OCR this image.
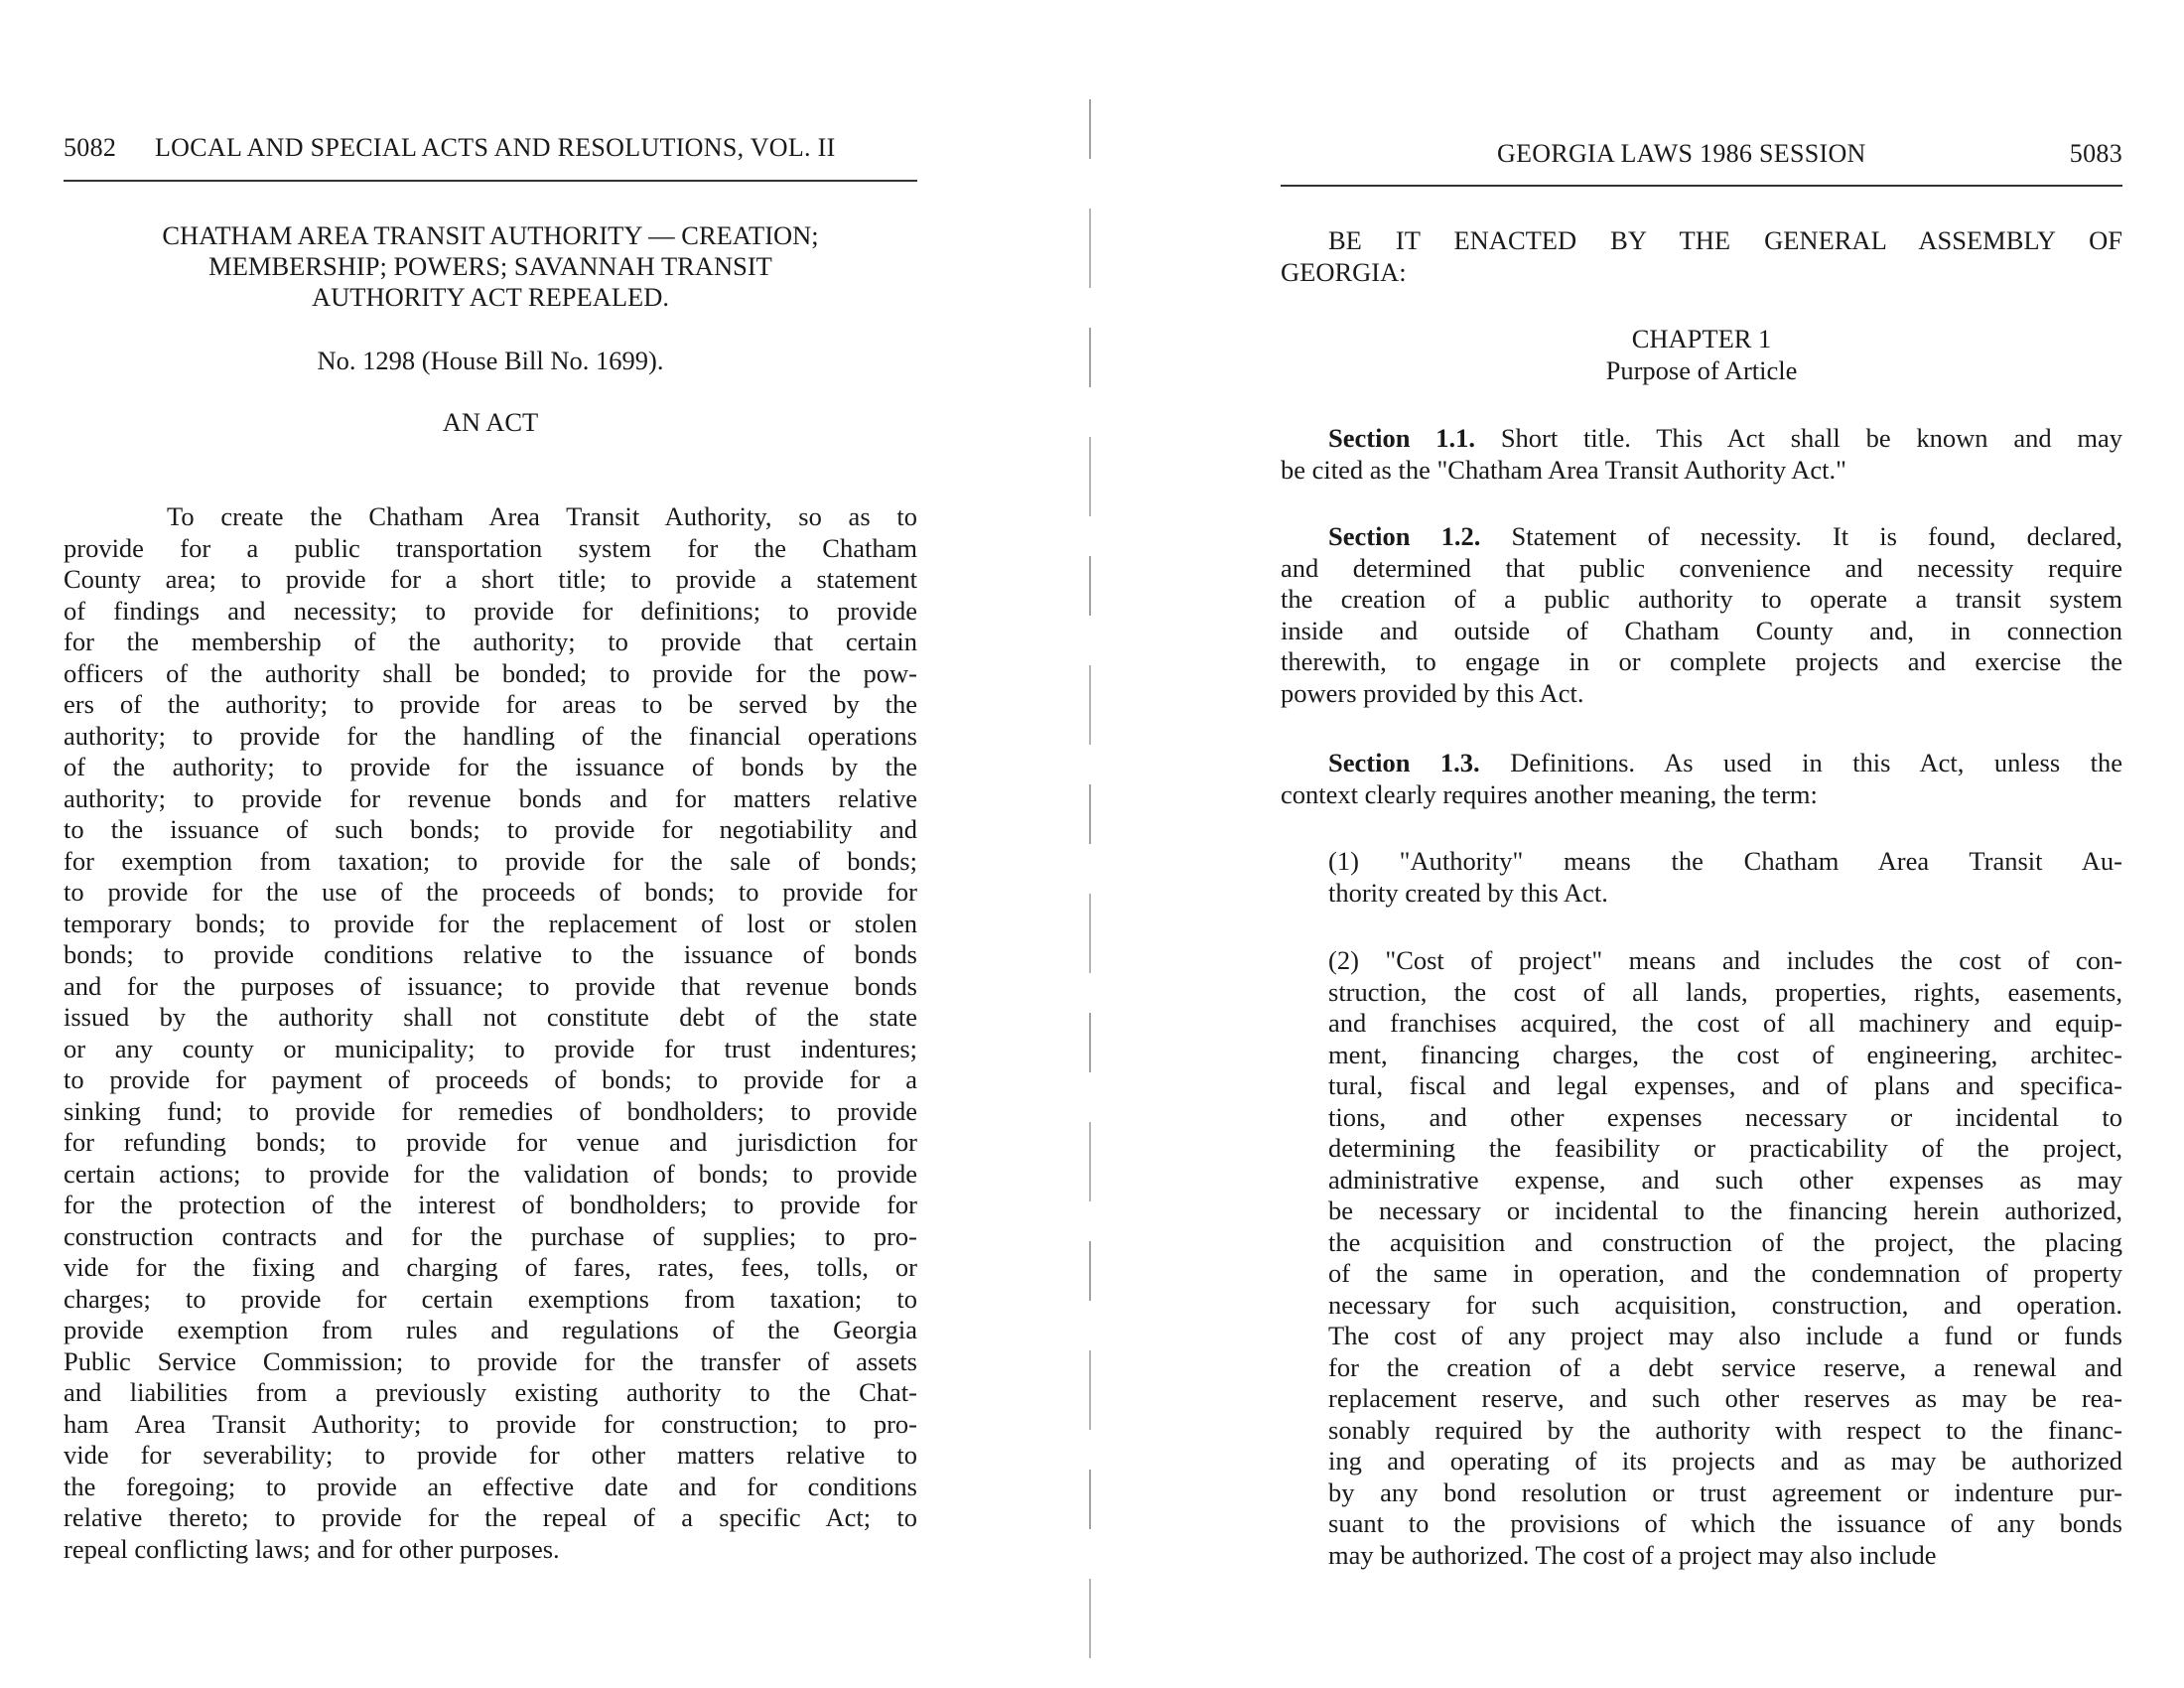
5082 LOCAL AND SPECIAL ACTS AND RESOLUTIONS, VOL. II
CHATHAM AREA TRANSIT AUTHORITY — CREATION;
MEMBERSHIP; POWERS; SAVANNAH TRANSIT
AUTHORITY ACT REPEALED.
No. 1298 (House Bill No. 1699).
AN ACT
To create the Chatham Area Transit Authority, so as to
provide for a public transportation system for the Chatham
County area; to provide for a short title; to provide a statement
of findings and necessity; to provide for definitions; to provide
for the membership of the authority; to provide that certain
officers of the authority shall be bonded; to provide for the pow-
ers of the authority; to provide for areas to be served by the
authority; to provide for the handling of the financial operations
of the authority; to provide for the issuance of bonds by the
authority; to provide for revenue bonds and for matters relative
to the issuance of such bonds; to provide for negotiability and
for exemption from taxation; to provide for the sale of bonds;
to provide for the use of the proceeds of bonds; to provide for
temporary bonds; to provide for the replacement of lost or stolen
bonds; to provide conditions relative to the issuance of bonds
and for the purposes of issuance; to provide that revenue bonds
issued by the authority shall not constitute debt of the state
or any county or municipality; to provide for trust indentures;
to provide for payment of proceeds of bonds; to provide for a
sinking fund; to provide for remedies of bondholders; to provide
for refunding bonds; to provide for venue and jurisdiction for
certain actions; to provide for the validation of bonds; to provide
for the protection of the interest of bondholders; to provide for
construction contracts and for the purchase of supplies; to pro-
vide for the fixing and charging of fares, rates, fees, tolls, or
charges; to provide for certain exemptions from taxation; to
provide exemption from rules and regulations of the Georgia
Public Service Commission; to provide for the transfer of assets
and liabilities from a previously existing authority to the Chat-
ham Area Transit Authority; to provide for construction; to pro-
vide for severability; to provide for other matters relative to
the foregoing; to provide an effective date and for conditions
relative thereto; to provide for the repeal of a specific Act; to
repeal conflicting laws; and for other purposes.
GEORGIA LAWS 1986 SESSION	5083
BE IT ENACTED BY THE GENERAL ASSEMBLY OF
GEORGIA:
CHAPTER 1
Purpose of Article
Section 1.1. Short title. This Act shall be known and may
be cited as the "Chatham Area Transit Authority Act."
Section 1.2. Statement of necessity. It is found, declared,
and determined that public convenience and necessity require
the creation of a public authority to operate a transit system
inside and outside of Chatham County and, in connection
therewith, to engage in or complete projects and exercise the
powers provided by this Act.
Section 1.3. Definitions. As used in this Act, unless the
context clearly requires another meaning, the term:
(1) "Authority" means the Chatham Area Transit Au-
thority created by this Act.
(2) "Cost of project" means and includes the cost of con-
struction, the cost of all lands, properties, rights, easements,
and franchises acquired, the cost of all machinery and equip-
ment, financing charges, the cost of engineering, architec-
tural, fiscal and legal expenses, and of plans and specifica-
tions, and other expenses necessary or incidental to
determining the feasibility or practicability of the project,
administrative expense, and such other expenses as may
be necessary or incidental to the financing herein authorized,
the acquisition and construction of the project, the placing
of the same in operation, and the condemnation of property
necessary for such acquisition, construction, and operation.
The cost of any project may also include a fund or funds
for the creation of a debt service reserve, a renewal and
replacement reserve, and such other reserves as may be rea-
sonably required by the authority with respect to the financ-
ing and operating of its projects and as may be authorized
by any bond resolution or trust agreement or indenture pur-
suant to the provisions of which the issuance of any bonds
may be authorized. The cost of a project may also include
